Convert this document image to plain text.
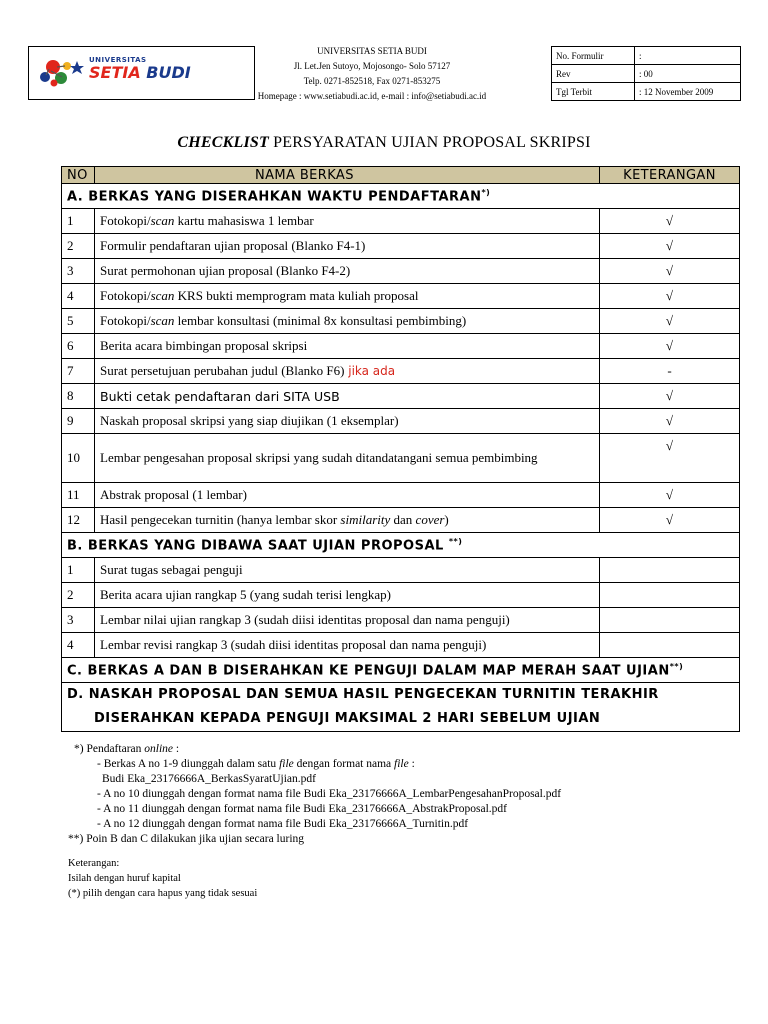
UNIVERSITAS
SETIA BUDI
UNIVERSITAS SETIA BUDI
Jl. Let.Jen Sutoyo, Mojosongo- Solo 57127
Telp. 0271-852518, Fax 0271-853275
Homepage : www.setiabudi.ac.id, e-mail : info@setiabudi.ac.id
No. Formulir	:
Rev	: 00
Tgl Terbit	: 12 November 2009
CHECKLIST PERSYARATAN UJIAN PROPOSAL SKRIPSI
NO	NAMA BERKAS	KETERANGAN
A. BERKAS YANG DISERAHKAN WAKTU PENDAFTARAN*)
1	Fotokopi/scan kartu mahasiswa 1 lembar	√
2	Formulir pendaftaran ujian proposal (Blanko F4-1)	√
3	Surat permohonan ujian proposal (Blanko F4-2)	√
4	Fotokopi/scan KRS bukti memprogram mata kuliah proposal	√
5	Fotokopi/scan lembar konsultasi (minimal 8x konsultasi pembimbing)	√
6	Berita acara bimbingan proposal skripsi	√
7	Surat persetujuan perubahan judul (Blanko F6) jika ada	-
8	Bukti cetak pendaftaran dari SITA USB	√
9	Naskah proposal skripsi yang siap diujikan (1 eksemplar)	√
10	Lembar pengesahan proposal skripsi yang sudah ditandatangani semua pembimbing	√
11	Abstrak proposal (1 lembar)	√
12	Hasil pengecekan turnitin (hanya lembar skor similarity dan cover)	√
B. BERKAS YANG DIBAWA SAAT UJIAN PROPOSAL **)
1	Surat tugas sebagai penguji	
2	Berita acara ujian rangkap 5 (yang sudah terisi lengkap)	
3	Lembar nilai ujian rangkap 3 (sudah diisi identitas proposal dan nama penguji)	
4	Lembar revisi rangkap 3 (sudah diisi identitas proposal dan nama penguji)	
C. BERKAS A DAN B DISERAHKAN KE PENGUJI DALAM MAP MERAH SAAT UJIAN**)

D. NASKAH PROPOSAL DAN SEMUA HASIL PENGECEKAN TURNITIN TERAKHIR
DISERAHKAN KEPADA PENGUJI MAKSIMAL 2 HARI SEBELUM UJIAN		
*) Pendaftaran online :
- Berkas A no 1-9 diunggah dalam satu file dengan format nama file :
Budi Eka_23176666A_BerkasSyaratUjian.pdf
- A no 10 diunggah dengan format nama file Budi Eka_23176666A_LembarPengesahanProposal.pdf
- A no 11 diunggah dengan format nama file Budi Eka_23176666A_AbstrakProposal.pdf
- A no 12 diunggah dengan format nama file Budi Eka_23176666A_Turnitin.pdf
**) Poin B dan C dilakukan jika ujian secara luring
Keterangan:
Isilah dengan huruf kapital
(*) pilih dengan cara hapus yang tidak sesuai
